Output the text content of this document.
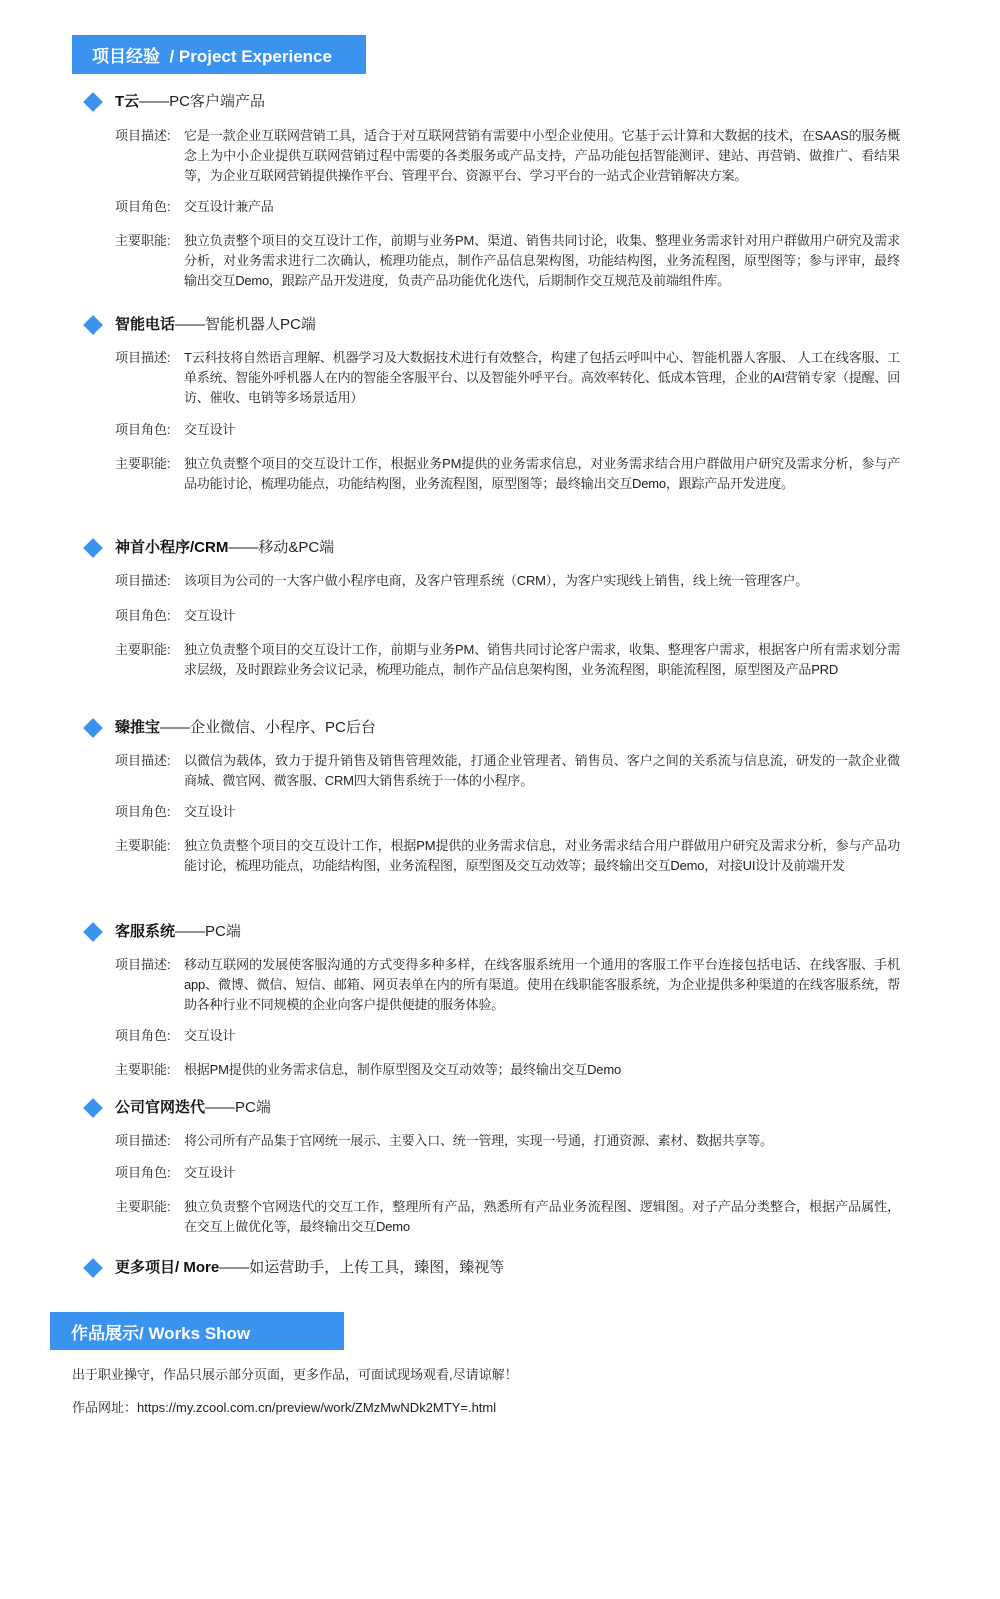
项目经验  / Project Experience
T云——PC客户端产品
项目描述: 它是一款企业互联网营销工具，适合于对互联网营销有需要中小型企业使用。它基于云计算和大数据的技术，在SAAS的服务概念上为中小企业提供互联网营销过程中需要的各类服务或产品支持，产品功能包括智能测评、建站、再营销、做推广、看结果等，为企业互联网营销提供操作平台、管理平台、资源平台、学习平台的一站式企业营销解决方案。
项目角色: 交互设计兼产品
主要职能: 独立负责整个项目的交互设计工作，前期与业务PM、渠道、销售共同讨论，收集、整理业务需求针对用户群做用户研究及需求分析，对业务需求进行二次确认，梳理功能点，制作产品信息架构图，功能结构图，业务流程图，原型图等；参与评审，最终输出交互Demo，跟踪产品开发进度，负责产品功能优化迭代，后期制作交互规范及前端组件库。
智能电话——智能机器人PC端
项目描述: T云科技将自然语言理解、机器学习及大数据技术进行有效整合，构建了包括云呼叫中心、智能机器人客服、 人工在线客服、工单系统、智能外呼机器人在内的智能全客服平台、以及智能外呼平台。高效率转化、低成本管理，企业的AI营销专家（提醒、回访、催收、电销等多场景适用）
项目角色: 交互设计
主要职能: 独立负责整个项目的交互设计工作，根据业务PM提供的业务需求信息，对业务需求结合用户群做用户研究及需求分析，参与产品功能讨论，梳理功能点，功能结构图，业务流程图，原型图等；最终输出交互Demo，跟踪产品开发进度。
神首小程序/CRM——移动&PC端
项目描述: 该项目为公司的一大客户做小程序电商，及客户管理系统（CRM），为客户实现线上销售，线上统一管理客户。
项目角色: 交互设计
主要职能: 独立负责整个项目的交互设计工作，前期与业务PM、销售共同讨论客户需求，收集、整理客户需求，根据客户所有需求划分需求层级，及时跟踪业务会议记录，梳理功能点，制作产品信息架构图，业务流程图，职能流程图，原型图及产品PRD
臻推宝——企业微信、小程序、PC后台
项目描述: 以微信为载体，致力于提升销售及销售管理效能，打通企业管理者、销售员、客户之间的关系流与信息流，研发的一款企业微商城、微官网、微客服、CRM四大销售系统于一体的小程序。
项目角色: 交互设计
主要职能: 独立负责整个项目的交互设计工作，根据PM提供的业务需求信息，对业务需求结合用户群做用户研究及需求分析，参与产品功能讨论，梳理功能点，功能结构图，业务流程图，原型图及交互动效等；最终输出交互Demo，对接UI设计及前端开发
客服系统——PC端
项目描述: 移动互联网的发展使客服沟通的方式变得多种多样，在线客服系统用一个通用的客服工作平台连接包括电话、在线客服、手机app、微博、微信、短信、邮箱、网页表单在内的所有渠道。使用在线职能客服系统，为企业提供多种渠道的在线客服系统，帮助各种行业不同规模的企业向客户提供便捷的服务体验。
项目角色: 交互设计
主要职能: 根据PM提供的业务需求信息，制作原型图及交互动效等；最终输出交互Demo
公司官网迭代——PC端
项目描述: 将公司所有产品集于官网统一展示、主要入口、统一管理，实现一号通，打通资源、素材、数据共享等。
项目角色: 交互设计
主要职能: 独立负责整个官网迭代的交互工作，整理所有产品，熟悉所有产品业务流程图、逻辑图。对子产品分类整合，根据产品属性，在交互上做优化等，最终输出交互Demo
更多项目/ More——如运营助手，上传工具，臻图，臻视等
作品展示/ Works Show
出于职业操守，作品只展示部分页面，更多作品，可面试现场观看,尽请谅解！
作品网址：https://my.zcool.com.cn/preview/work/ZMzMwNDk2MTY=.html
